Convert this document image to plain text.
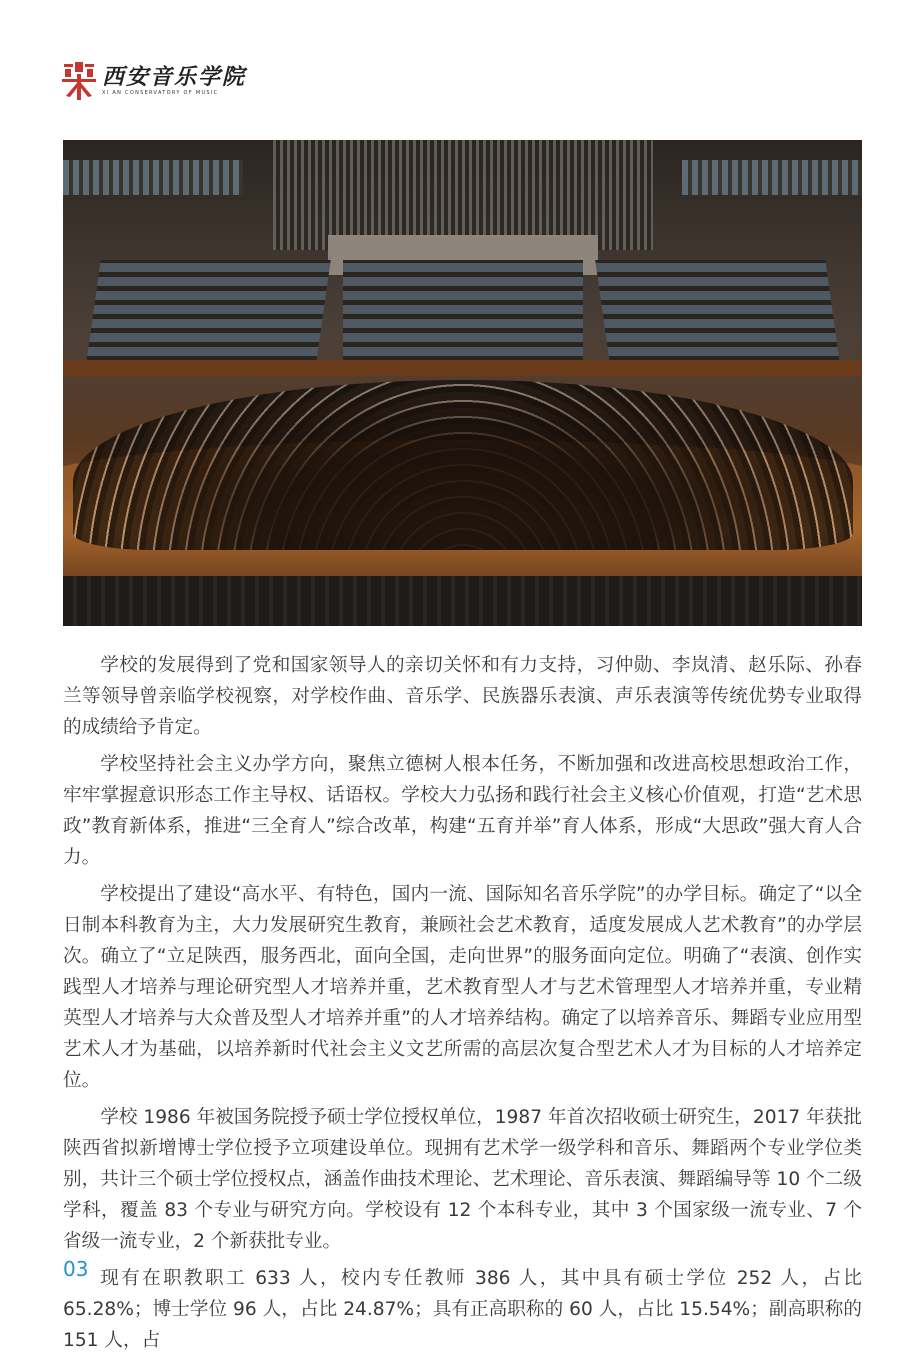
西安音乐学院
XI AN CONSERVATORY OF MUSIC

学校的发展得到了党和国家领导人的亲切关怀和有力支持，习仲勋、李岚清、赵乐际、孙春兰等领导曾亲临学校视察，对学校作曲、音乐学、民族器乐表演、声乐表演等传统优势专业取得的成绩给予肯定。

学校坚持社会主义办学方向，聚焦立德树人根本任务，不断加强和改进高校思想政治工作，牢牢掌握意识形态工作主导权、话语权。学校大力弘扬和践行社会主义核心价值观，打造“艺术思政”教育新体系，推进“三全育人”综合改革，构建“五育并举”育人体系，形成“大思政”强大育人合力。

学校提出了建设“高水平、有特色，国内一流、国际知名音乐学院”的办学目标。确定了“以全日制本科教育为主，大力发展研究生教育，兼顾社会艺术教育，适度发展成人艺术教育”的办学层次。确立了“立足陕西，服务西北，面向全国，走向世界”的服务面向定位。明确了“表演、创作实践型人才培养与理论研究型人才培养并重，艺术教育型人才与艺术管理型人才培养并重，专业精英型人才培养与大众普及型人才培养并重”的人才培养结构。确定了以培养音乐、舞蹈专业应用型艺术人才为基础，以培养新时代社会主义文艺所需的高层次复合型艺术人才为目标的人才培养定位。

学校 1986 年被国务院授予硕士学位授权单位，1987 年首次招收硕士研究生，2017 年获批陕西省拟新增博士学位授予立项建设单位。现拥有艺术学一级学科和音乐、舞蹈两个专业学位类别，共计三个硕士学位授权点，涵盖作曲技术理论、艺术理论、音乐表演、舞蹈编导等 10 个二级学科，覆盖 83 个专业与研究方向。学校设有 12 个本科专业，其中 3 个国家级一流专业、7 个省级一流专业，2 个新获批专业。

现有在职教职工 633 人，校内专任教师 386 人，其中具有硕士学位 252 人，占比 65.28%；博士学位 96 人，占比 24.87%；具有正高职称的 60 人，占比 15.54%；副高职称的 151 人，占

03
